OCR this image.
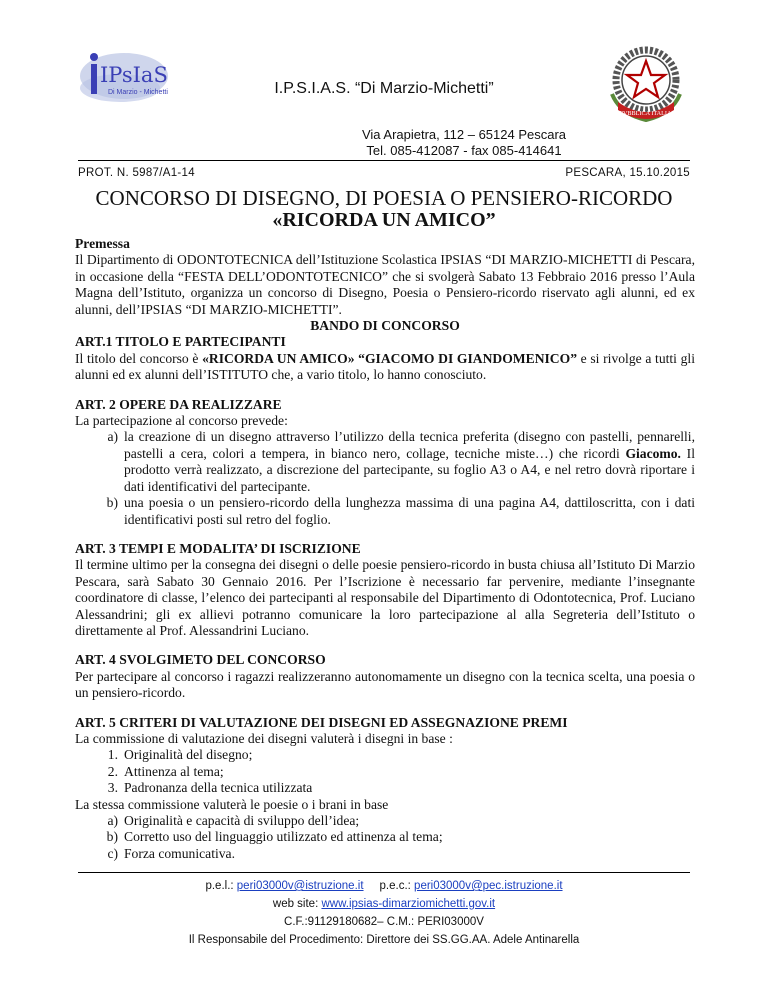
IPsIaS
Di Marzio - Michetti
REPVBBLICA ITALIANA
I.P.S.I.A.S. “Di Marzio-Michetti”
Via Arapietra, 112 – 65124 Pescara
Tel. 085-412087 - fax 085-414641
PROT. N. 5987/A1-14	PESCARA, 15.10.2015
CONCORSO DI DISEGNO, DI POESIA O PENSIERO-RICORDO
«RICORDA UN AMICO”

Premessa

Il Dipartimento di ODONTOTECNICA dell’Istituzione Scolastica IPSIAS “DI MARZIO-MICHETTI di Pescara, in occasione della “FESTA DELL’ODONTOTECNICO” che si svolgerà Sabato 13 Febbraio 2016 presso l’Aula Magna dell’Istituto, organizza un concorso di Disegno, Poesia o Pensiero-ricordo riservato agli alunni, ed ex alunni, dell’IPSIAS “DI MARZIO-MICHETTI”.

BANDO DI CONCORSO

ART.1 TITOLO E PARTECIPANTI

Il titolo del concorso è «RICORDA UN AMICO» “GIACOMO DI GIANDOMENICO” e si rivolge a tutti gli alunni ed ex alunni dell’ISTITUTO che, a vario titolo, lo hanno conosciuto.

ART. 2 OPERE DA REALIZZARE

La partecipazione al concorso prevede:

a) la creazione di un disegno attraverso l’utilizzo della tecnica preferita (disegno con pastelli, pennarelli, pastelli a cera, colori a tempera, in bianco nero, collage, tecniche miste…) che ricordi Giacomo. Il prodotto verrà realizzato, a discrezione del partecipante, su foglio A3 o A4, e nel retro dovrà riportare i dati identificativi del partecipante.
b) una poesia o un pensiero-ricordo della lunghezza massima di una pagina A4, dattiloscritta, con i dati identificativi posti sul retro del foglio.

ART. 3 TEMPI E MODALITA’ DI ISCRIZIONE

Il termine ultimo per la consegna dei disegni o delle poesie pensiero-ricordo in busta chiusa all’Istituto Di Marzio Pescara, sarà Sabato 30 Gennaio 2016. Per l’Iscrizione è necessario far pervenire, mediante l’insegnante coordinatore di classe, l’elenco dei partecipanti al responsabile del Dipartimento di Odontotecnica, Prof. Luciano Alessandrini; gli ex allievi potranno comunicare la loro partecipazione al alla Segreteria dell’Istituto o direttamente al Prof. Alessandrini Luciano.

ART. 4 SVOLGIMETO DEL CONCORSO

Per partecipare al concorso i ragazzi realizzeranno autonomamente un disegno con la tecnica scelta, una poesia o un pensiero-ricordo.

ART. 5 CRITERI DI VALUTAZIONE DEI DISEGNI ED ASSEGNAZIONE PREMI

La commissione di valutazione dei disegni valuterà i disegni in base :

1. Originalità del disegno;
2. Attinenza al tema;
3. Padronanza della tecnica utilizzata

La stessa commissione valuterà le poesie o i brani in base

a) Originalità e capacità di sviluppo dell’idea;
b) Corretto uso del linguaggio utilizzato ed attinenza al tema;
c) Forza comunicativa.
p.e.l.: peri03000v@istruzione.it p.e.c.: peri03000v@pec.istruzione.it
web site: www.ipsias-dimarziomichetti.gov.it
C.F.:91129180682– C.M.: PERI03000V
Il Responsabile del Procedimento: Direttore dei SS.GG.AA. Adele Antinarella
